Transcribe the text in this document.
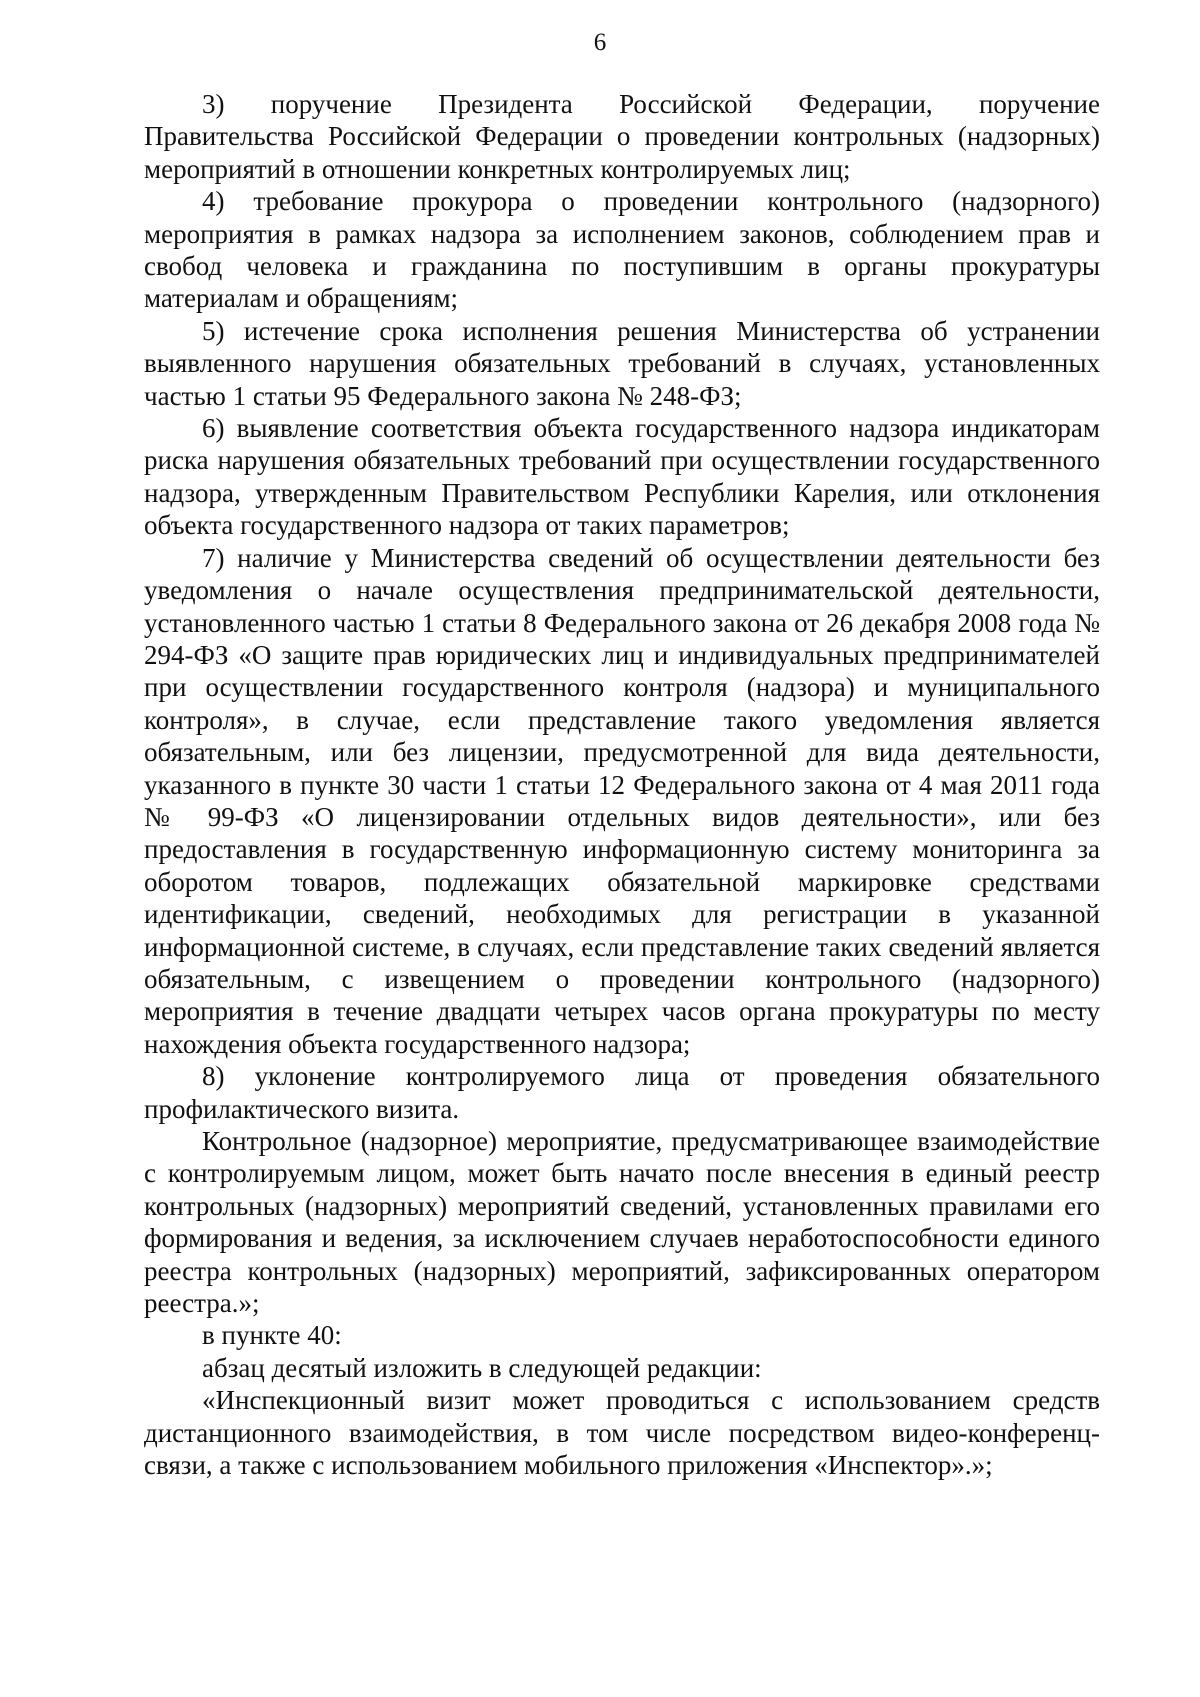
6

3)    поручение    Президента    Российской    Федерации,    поручение Правительства Российской Федерации о проведении контрольных (надзорных) мероприятий в отношении конкретных контролируемых лиц;

4) требование прокурора о проведении контрольного (надзорного) мероприятия в рамках надзора за исполнением законов, соблюдением прав и свобод человека и гражданина по поступившим в органы прокуратуры материалам и обращениям;

5) истечение срока исполнения решения Министерства об устранении выявленного нарушения обязательных требований в случаях, установленных частью 1 статьи 95 Федерального закона № 248-ФЗ;

6) выявление соответствия объекта государственного надзора индикаторам риска нарушения обязательных требований при осуществлении государственного надзора, утвержденным Правительством Республики Карелия, или отклонения объекта государственного надзора от таких параметров;

7) наличие у Министерства сведений об осуществлении деятельности без уведомления о начале осуществления предпринимательской деятельности, установленного частью 1 статьи 8 Федерального закона от 26 декабря 2008 года № 294-ФЗ «О защите прав юридических лиц и индивидуальных предпринимателей при осуществлении государственного контроля (надзора) и муниципального контроля», в случае, если представление такого уведомления является обязательным, или без лицензии, предусмотренной для вида деятельности, указанного в пункте 30 части 1 статьи 12 Федерального закона от 4 мая 2011 года № 99-ФЗ «О лицензировании отдельных видов деятельности», или без предоставления в государственную информационную систему мониторинга за оборотом товаров, подлежащих обязательной маркировке средствами идентификации, сведений, необходимых для регистрации в указанной информационной системе, в случаях, если представление таких сведений является обязательным, с извещением о проведении контрольного (надзорного) мероприятия в течение двадцати четырех часов органа прокуратуры по месту нахождения объекта государственного надзора;

8) уклонение контролируемого лица от проведения обязательного профилактического визита.

Контрольное (надзорное) мероприятие, предусматривающее взаимодействие с контролируемым лицом, может быть начато после внесения в единый реестр контрольных (надзорных) мероприятий сведений, установленных правилами его формирования и ведения, за исключением случаев неработоспособности единого реестра контрольных (надзорных) мероприятий, зафиксированных оператором реестра.»;

в пункте 40:

абзац десятый изложить в следующей редакции:

«Инспекционный визит может проводиться с использованием средств дистанционного взаимодействия, в том числе посредством видео-конференц-связи, а также с использованием мобильного приложения «Инспектор».»;
